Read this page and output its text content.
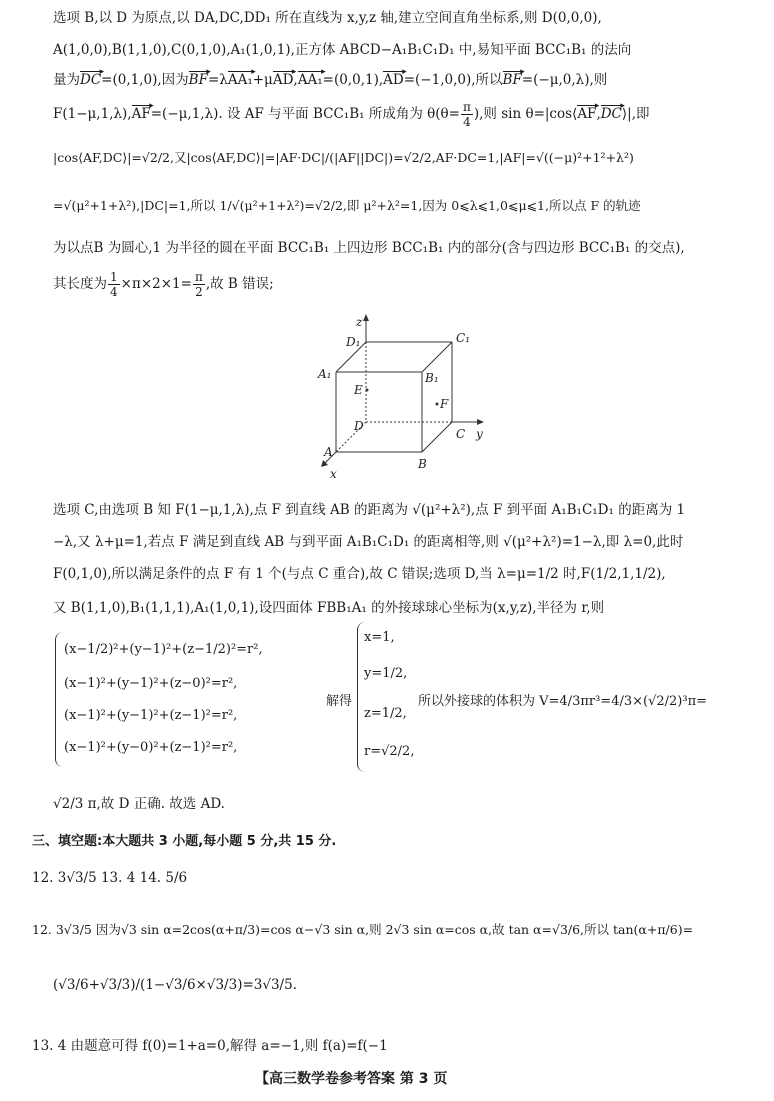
选项 B,以 D 为原点,以 DA,DC,DD₁ 所在直线为 x,y,z 轴,建立空间直角坐标系,则 D(0,0,0),
A(1,0,0),B(1,1,0),C(0,1,0),A₁(1,0,1),正方体 ABCD−A₁B₁C₁D₁ 中,易知平面 BCC₁B₁ 的法向
量为DC ▸=(0,1,0),因为BF ▸=λAA₁ ▸+μAD ▸,AA₁ ▸=(0,0,1),AD ▸=(−1,0,0),所以BF ▸=(−μ,0,λ),则
F(1−μ,1,λ),AF ▸=(−μ,1,λ). 设 AF 与平面 BCC₁B₁ 所成角为 $\theta(\theta= \frac{\pi}{4}$ ),则 sin θ=|cos⟨AF ▸,DC ▸⟩|,即
|cos⟨AF,DC⟩|=√2/2,又|cos⟨AF,DC⟩|=|AF·DC|/(|AF||DC|)=√2/2,AF·DC=1,|AF|=√((−μ)²+1²+λ²)
=√(μ²+1+λ²),|DC|=1,所以 1/√(μ²+1+λ²)=√2/2,即 μ²+λ²=1,因为 0⩽λ⩽1,0⩽μ⩽1,所以点 F 的轨迹
为以点B 为圆心,1 为半径的圆在平面 BCC₁B₁ 上四边形 BCC₁B₁ 内的部分(含与四边形 BCC₁B₁ 的交点),
其长度为 $\frac{1}{4} \times\pi\times 2\times 1= \frac{\pi}{2}$ ,故 B 错误;
z
D₁	C₁
A₁	B₁
E
F
D
C y
A
B
x
选项 C,由选项 B 知 F(1−μ,1,λ),点 F 到直线 AB 的距离为 √(μ²+λ²),点 F 到平面 A₁B₁C₁D₁ 的距离为 1
−λ,又 λ+μ=1,若点 F 满足到直线 AB 与到平面 A₁B₁C₁D₁ 的距离相等,则 √(μ²+λ²)=1−λ,即 λ=0,此时
F(0,1,0),所以满足条件的点 F 有 1 个(与点 C 重合),故 C 错误;选项 D,当 λ=μ=1/2 时,F(1/2,1,1/2),
又 B(1,1,0),B₁(1,1,1),A₁(1,0,1),设四面体 FBB₁A₁ 的外接球球心坐标为(x,y,z),半径为 r,则
(x−1/2)²+(y−1)²+(z−1/2)²=r²,
(x−1)²+(y−1)²+(z−0)²=r²,
(x−1)²+(y−1)²+(z−1)²=r²,
(x−1)²+(y−0)²+(z−1)²=r²,
解得
x=1,
y=1/2,
z=1/2,
r=√2/2,
所以外接球的体积为 V=4/3πr³=4/3×(√2/2)³π=
√2/3 π,故 D 正确. 故选 AD.
三、填空题:本大题共 3 小题,每小题 5 分,共 15 分.
12. 3√3/5 13. 4 14. 5/6
12. 3√3/5 因为√3 sin α=2cos(α+π/3)=cos α−√3 sin α,则 2√3 sin α=cos α,故 tan α=√3/6,所以 tan(α+π/6)=
(√3/6+√3/3)/(1−√3/6×√3/3)=3√3/5.
13. 4 由题意可得 f(0)=1+a=0,解得 a=−1,则 f(a)=f(−1
【高三数学卷参考答案 第 3 页
